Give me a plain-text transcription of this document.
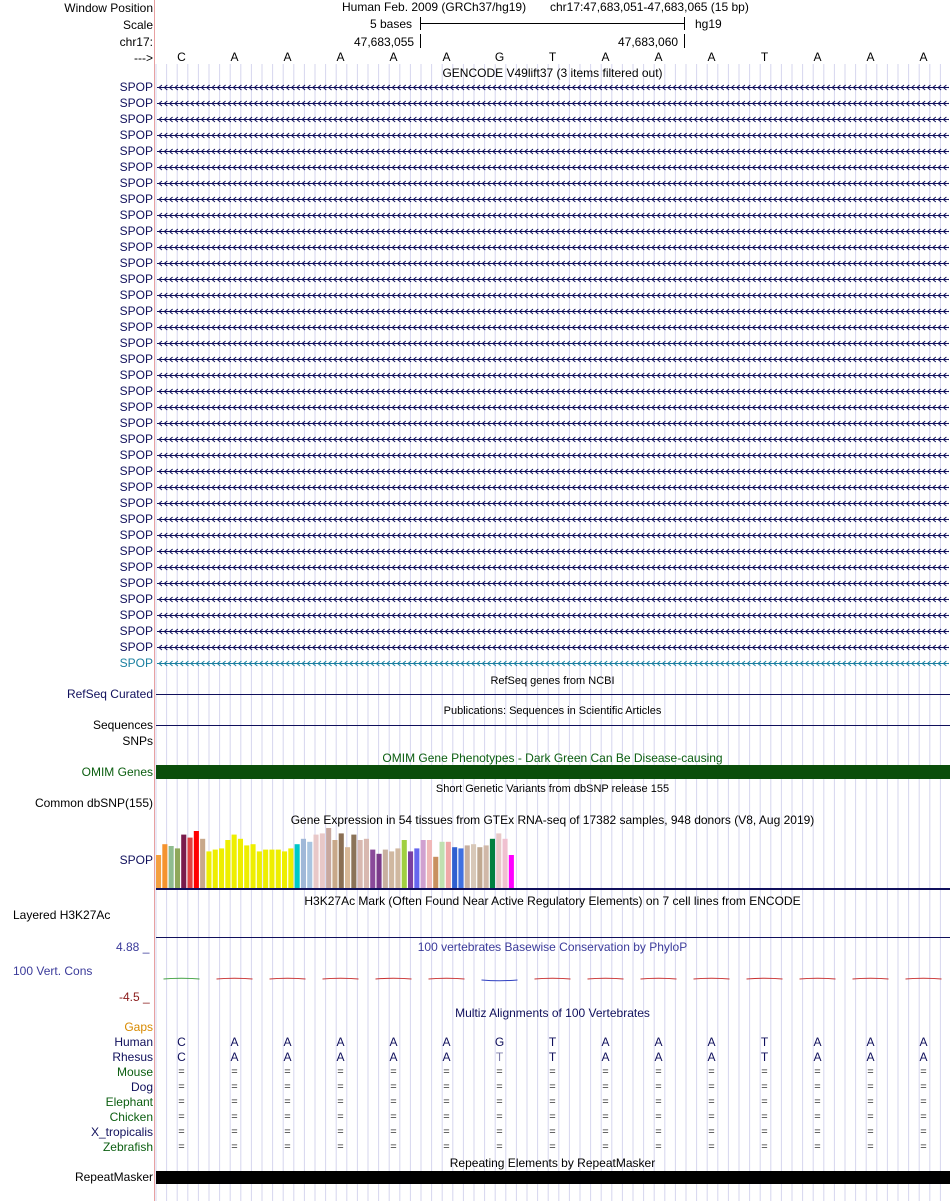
Window Position
Scale
chr17:
--->
Human Feb. 2009 (GRCh37/hg19) chr17:47,683,051-47,683,065 (15 bp)
5 bases	hg19
47,683,055	47,683,060
C	A	A	A	A	A	G	T	A	A	A	T	A	A	A
GENCODE V49lift37 (3 items filtered out)
SPOP
SPOP
SPOP
SPOP
SPOP
SPOP
SPOP
SPOP
SPOP
SPOP
SPOP
SPOP
SPOP
SPOP
SPOP
SPOP
SPOP
SPOP
SPOP
SPOP
SPOP
SPOP
SPOP
SPOP
SPOP
SPOP
SPOP
SPOP
SPOP
SPOP
SPOP
SPOP
SPOP
SPOP
SPOP
SPOP
SPOP
RefSeq genes from NCBI
RefSeq Curated
Publications: Sequences in Scientific Articles
Sequences
SNPs
OMIM Gene Phenotypes - Dark Green Can Be Disease-causing
OMIM Genes
Short Genetic Variants from dbSNP release 155
Common dbSNP(155)
Gene Expression in 54 tissues from GTEx RNA-seq of 17382 samples, 948 donors (V8, Aug 2019)
SPOP
H3K27Ac Mark (Often Found Near Active Regulatory Elements) on 7 cell lines from ENCODE
Layered H3K27Ac
100 vertebrates Basewise Conservation by PhyloP
4.88 _
100 Vert. Cons
-4.5 _
Multiz Alignments of 100 Vertebrates
Gaps
Human	C	A	A	A	A	A	G	T	A	A	A	T	A	A	A
Rhesus	C	A	A	A	A	A	T	T	A	A	A	T	A	A	A
Mouse	=	=	=	=	=	=	=	=	=	=	=	=	=	=	=
Dog	=	=	=	=	=	=	=	=	=	=	=	=	=	=	=
Elephant	=	=	=	=	=	=	=	=	=	=	=	=	=	=	=
Chicken	=	=	=	=	=	=	=	=	=	=	=	=	=	=	=
X_tropicalis	=	=	=	=	=	=	=	=	=	=	=	=	=	=	=
Zebrafish	=	=	=	=	=	=	=	=	=	=	=	=	=	=	=
Repeating Elements by RepeatMasker
RepeatMasker
